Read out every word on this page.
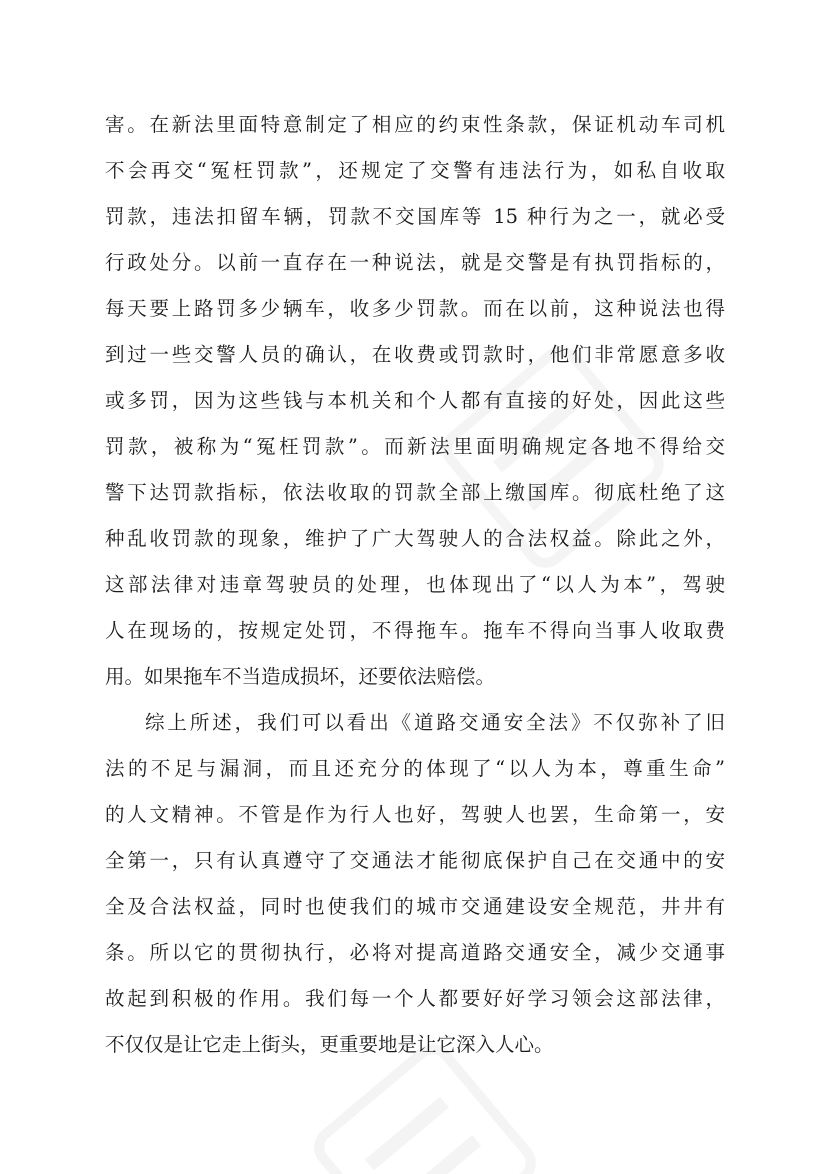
害。在新法里面特意制定了相应的约束性条款，保证机动车司机
不会再交“冤枉罚款”，还规定了交警有违法行为，如私自收取
罚款，违法扣留车辆，罚款不交国库等 15 种行为之一，就必受
行政处分。以前一直存在一种说法，就是交警是有执罚指标的，
每天要上路罚多少辆车，收多少罚款。而在以前，这种说法也得
到过一些交警人员的确认，在收费或罚款时，他们非常愿意多收
或多罚，因为这些钱与本机关和个人都有直接的好处，因此这些
罚款，被称为“冤枉罚款”。而新法里面明确规定各地不得给交
警下达罚款指标，依法收取的罚款全部上缴国库。彻底杜绝了这
种乱收罚款的现象，维护了广大驾驶人的合法权益。除此之外，
这部法律对违章驾驶员的处理，也体现出了“以人为本”，驾驶
人在现场的，按规定处罚，不得拖车。拖车不得向当事人收取费
用。如果拖车不当造成损坏，还要依法赔偿。
综上所述，我们可以看出《道路交通安全法》不仅弥补了旧
法的不足与漏洞，而且还充分的体现了“以人为本，尊重生命”
的人文精神。不管是作为行人也好，驾驶人也罢，生命第一，安
全第一，只有认真遵守了交通法才能彻底保护自己在交通中的安
全及合法权益，同时也使我们的城市交通建设安全规范，井井有
条。所以它的贯彻执行，必将对提高道路交通安全，减少交通事
故起到积极的作用。我们每一个人都要好好学习领会这部法律，
不仅仅是让它走上街头，更重要地是让它深入人心。
